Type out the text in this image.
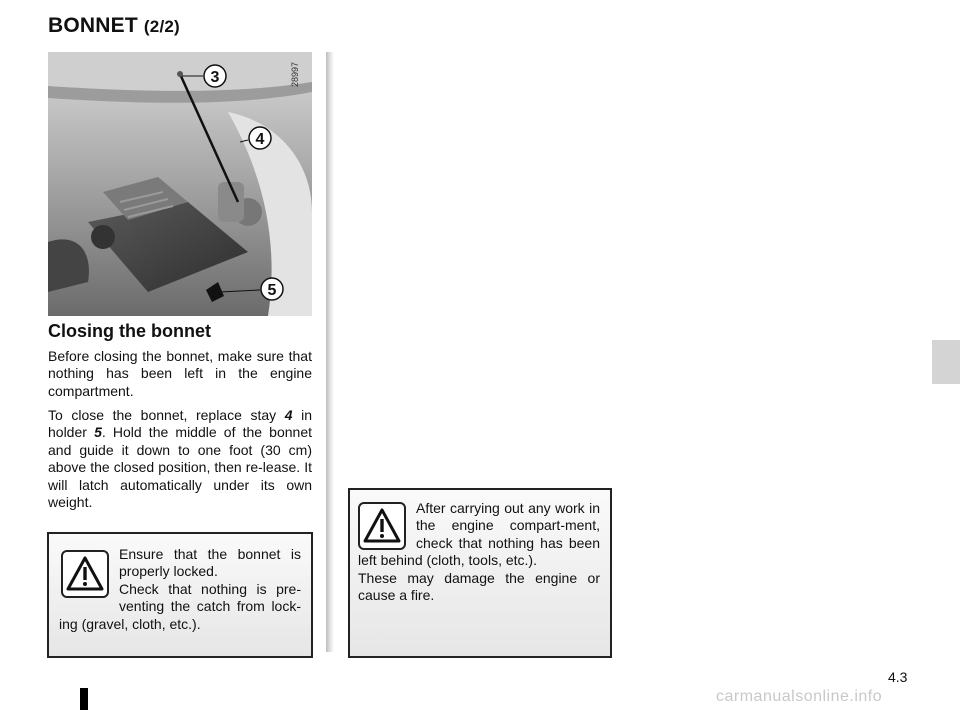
BONNET (2/2)
3
4
5
28997
Closing the bonnet

Before closing the bonnet, make sure that nothing has been left in the engine compartment.

To close the bonnet, replace stay 4 in holder 5. Hold the middle of the bonnet and guide it down to one foot (30 cm) above the closed position, then re-lease. It will latch automatically under its own weight.

Ensure that the bonnet is properly locked.
Check that nothing is pre-venting the catch from lock-ing (gravel, cloth, etc.).
After carrying out any work in the engine compart-ment, check that nothing has been left behind (cloth, tools, etc.).
These may damage the engine or cause a fire.
4.3
carmanualsonline.info
